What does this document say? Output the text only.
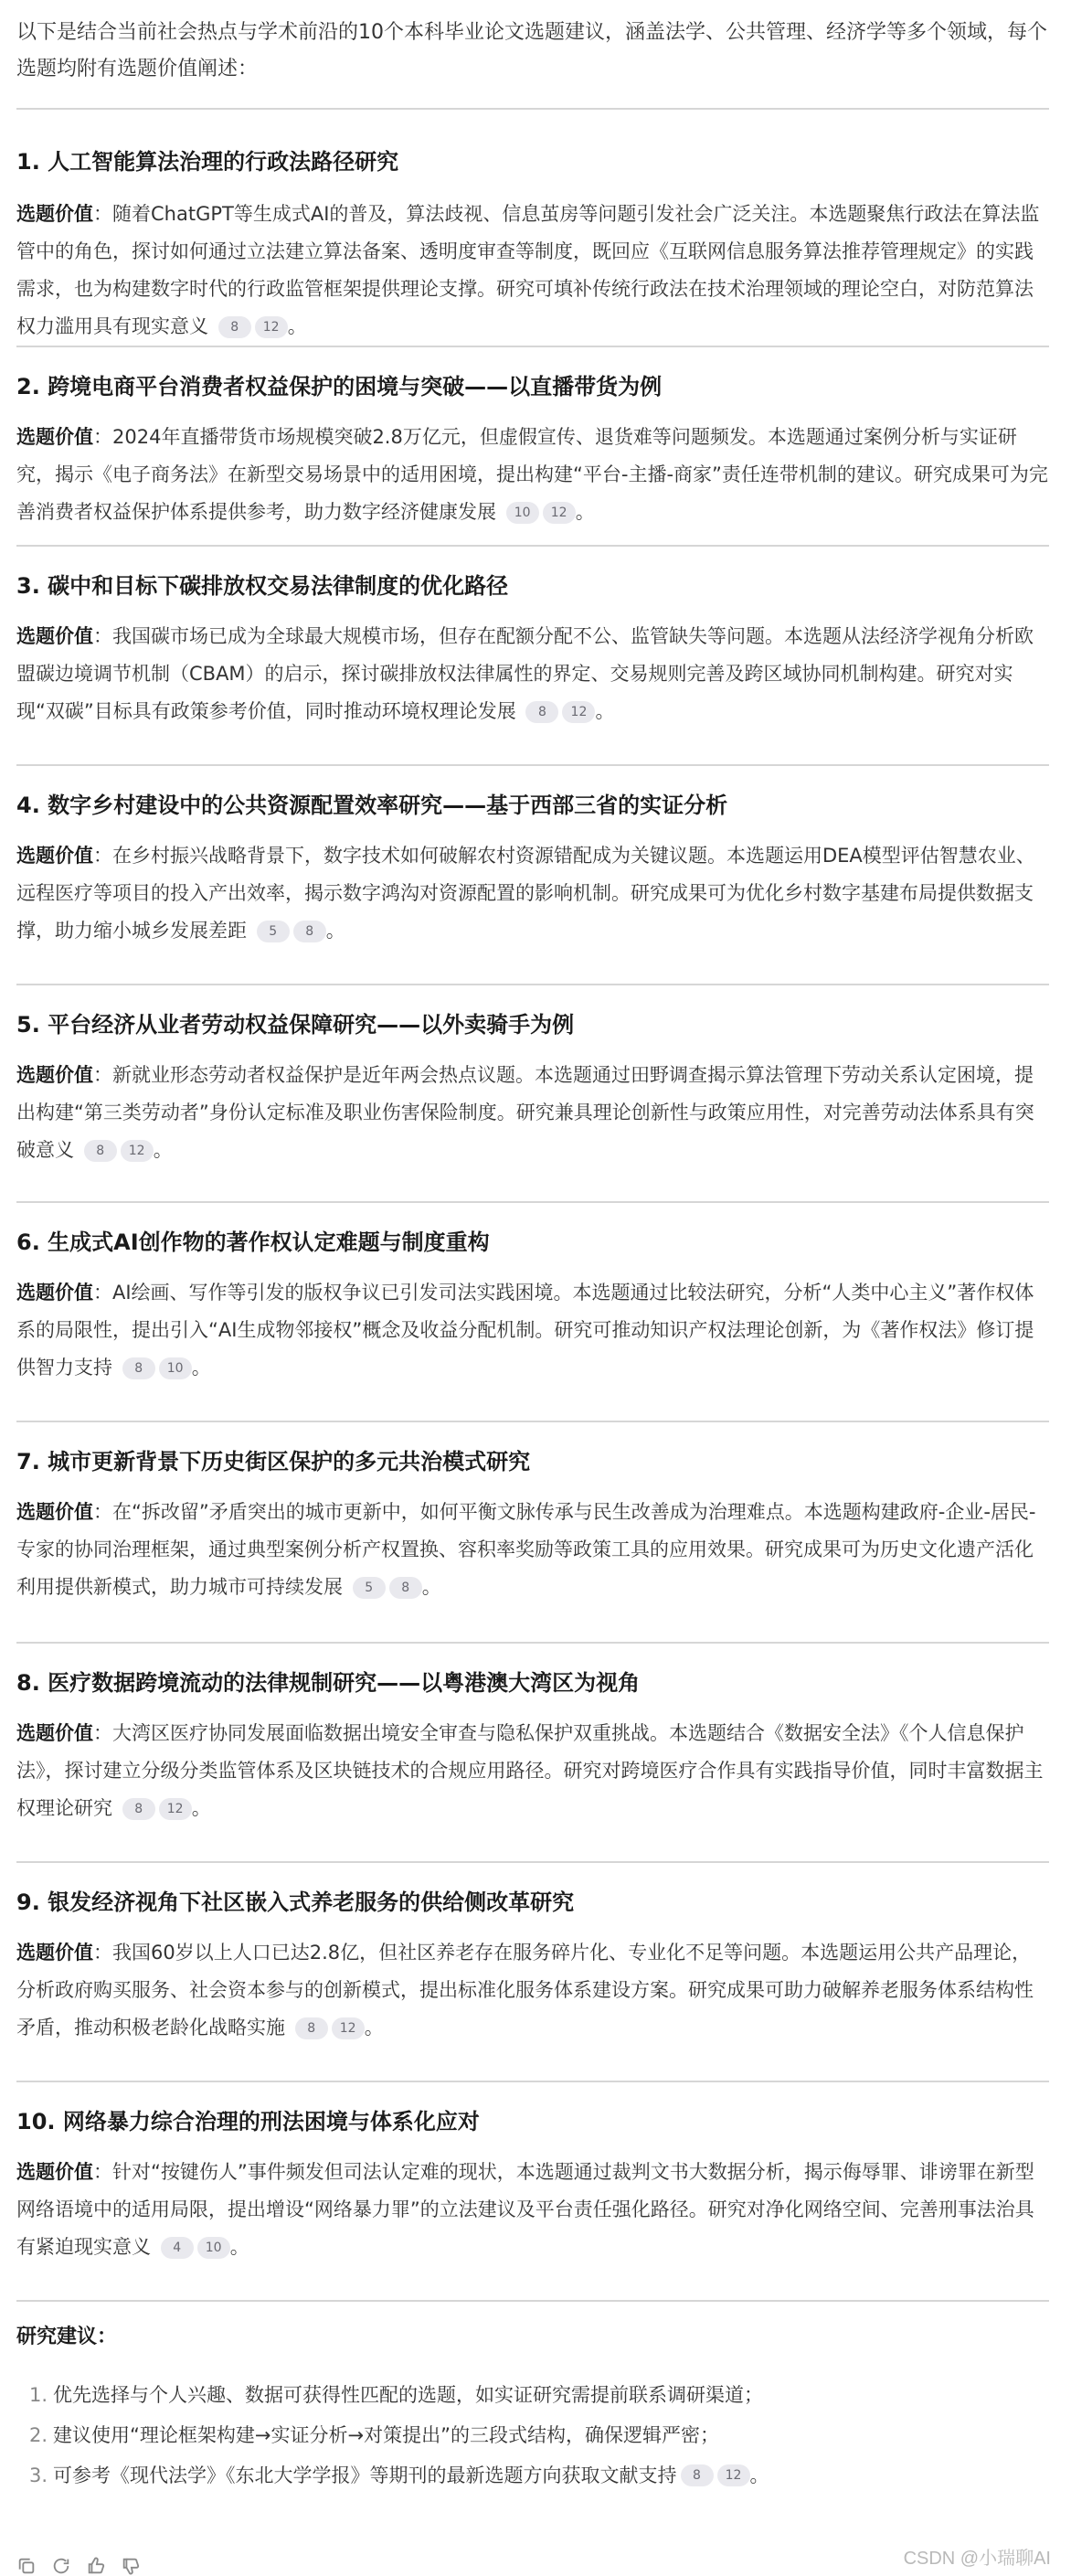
以下是结合当前社会热点与学术前沿的10个本科毕业论文选题建议，涵盖法学、公共管理、经济学等多个领域，每个选题均附有选题价值阐述：

1. 人工智能算法治理的行政法路径研究

选题价值：随着ChatGPT等生成式AI的普及，算法歧视、信息茧房等问题引发社会广泛关注。本选题聚焦行政法在算法监管中的角色，探讨如何通过立法建立算法备案、透明度审查等制度，既回应《互联网信息服务算法推荐管理规定》的实践需求，也为构建数字时代的行政监管框架提供理论支撑。研究可填补传统行政法在技术治理领域的理论空白，对防范算法权力滥用具有现实意义 8 12 。

2. 跨境电商平台消费者权益保护的困境与突破——以直播带货为例

选题价值：2024年直播带货市场规模突破2.8万亿元，但虚假宣传、退货难等问题频发。本选题通过案例分析与实证研究，揭示《电子商务法》在新型交易场景中的适用困境，提出构建“平台-主播-商家”责任连带机制的建议。研究成果可为完善消费者权益保护体系提供参考，助力数字经济健康发展 10 12 。

3. 碳中和目标下碳排放权交易法律制度的优化路径

选题价值：我国碳市场已成为全球最大规模市场，但存在配额分配不公、监管缺失等问题。本选题从法经济学视角分析欧盟碳边境调节机制（CBAM）的启示，探讨碳排放权法律属性的界定、交易规则完善及跨区域协同机制构建。研究对实现“双碳”目标具有政策参考价值，同时推动环境权理论发展 8 12 。

4. 数字乡村建设中的公共资源配置效率研究——基于西部三省的实证分析

选题价值：在乡村振兴战略背景下，数字技术如何破解农村资源错配成为关键议题。本选题运用DEA模型评估智慧农业、远程医疗等项目的投入产出效率，揭示数字鸿沟对资源配置的影响机制。研究成果可为优化乡村数字基建布局提供数据支撑，助力缩小城乡发展差距 5 8 。

5. 平台经济从业者劳动权益保障研究——以外卖骑手为例

选题价值：新就业形态劳动者权益保护是近年两会热点议题。本选题通过田野调查揭示算法管理下劳动关系认定困境，提出构建“第三类劳动者”身份认定标准及职业伤害保险制度。研究兼具理论创新性与政策应用性，对完善劳动法体系具有突破意义 8 12 。

6. 生成式AI创作物的著作权认定难题与制度重构

选题价值：AI绘画、写作等引发的版权争议已引发司法实践困境。本选题通过比较法研究，分析“人类中心主义”著作权体系的局限性，提出引入“AI生成物邻接权”概念及收益分配机制。研究可推动知识产权法理论创新，为《著作权法》修订提供智力支持 8 10 。

7. 城市更新背景下历史街区保护的多元共治模式研究

选题价值：在“拆改留”矛盾突出的城市更新中，如何平衡文脉传承与民生改善成为治理难点。本选题构建政府-企业-居民-专家的协同治理框架，通过典型案例分析产权置换、容积率奖励等政策工具的应用效果。研究成果可为历史文化遗产活化利用提供新模式，助力城市可持续发展 5 8 。

8. 医疗数据跨境流动的法律规制研究——以粤港澳大湾区为视角

选题价值：大湾区医疗协同发展面临数据出境安全审查与隐私保护双重挑战。本选题结合《数据安全法》《个人信息保护法》，探讨建立分级分类监管体系及区块链技术的合规应用路径。研究对跨境医疗合作具有实践指导价值，同时丰富数据主权理论研究 8 12 。

9. 银发经济视角下社区嵌入式养老服务的供给侧改革研究

选题价值：我国60岁以上人口已达2.8亿，但社区养老存在服务碎片化、专业化不足等问题。本选题运用公共产品理论，分析政府购买服务、社会资本参与的创新模式，提出标准化服务体系建设方案。研究成果可助力破解养老服务体系结构性矛盾，推动积极老龄化战略实施 8 12 。

10. 网络暴力综合治理的刑法困境与体系化应对

选题价值：针对“按键伤人”事件频发但司法认定难的现状，本选题通过裁判文书大数据分析，揭示侮辱罪、诽谤罪在新型网络语境中的适用局限，提出增设“网络暴力罪”的立法建议及平台责任强化路径。研究对净化网络空间、完善刑事法治具有紧迫现实意义 4 10 。

研究建议：

1. 优先选择与个人兴趣、数据可获得性匹配的选题，如实证研究需提前联系调研渠道；
2. 建议使用“理论框架构建→实证分析→对策提出”的三段式结构，确保逻辑严密；
3. 可参考《现代法学》《东北大学学报》等期刊的最新选题方向获取文献支持	8	12 。
CSDN @小瑞聊AI
